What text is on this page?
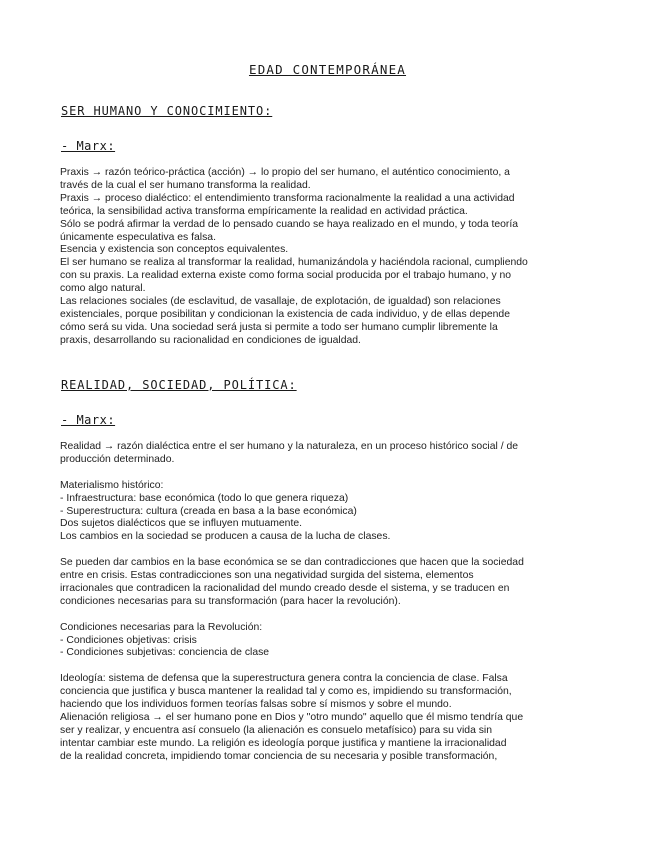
EDAD CONTEMPORÁNEA
SER HUMANO Y CONOCIMIENTO:
- Marx:

Praxis → razón teórico-práctica (acción) → lo propio del ser humano, el auténtico conocimiento, a

través de la cual el ser humano transforma la realidad.

Praxis → proceso dialéctico: el entendimiento transforma racionalmente la realidad a una actividad

teórica, la sensibilidad activa transforma empíricamente la realidad en actividad práctica.

Sólo se podrá afirmar la verdad de lo pensado cuando se haya realizado en el mundo, y toda teoría

únicamente especulativa es falsa.

Esencia y existencia son conceptos equivalentes.

El ser humano se realiza al transformar la realidad, humanizándola y haciéndola racional, cumpliendo

con su praxis. La realidad externa existe como forma social producida por el trabajo humano, y no

como algo natural.

Las relaciones sociales (de esclavitud, de vasallaje, de explotación, de igualdad) son relaciones

existenciales, porque posibilitan y condicionan la existencia de cada individuo, y de ellas depende

cómo será su vida. Una sociedad será justa si permite a todo ser humano cumplir libremente la

praxis, desarrollando su racionalidad en condiciones de igualdad.

REALIDAD, SOCIEDAD, POLÍTICA:
- Marx:

Realidad → razón dialéctica entre el ser humano y la naturaleza, en un proceso histórico social / de

producción determinado.

Materialismo histórico:

- Infraestructura: base económica (todo lo que genera riqueza)

- Superestructura: cultura (creada en basa a la base económica)

Dos sujetos dialécticos que se influyen mutuamente.

Los cambios en la sociedad se producen a causa de la lucha de clases.

Se pueden dar cambios en la base económica se se dan contradicciones que hacen que la sociedad

entre en crisis. Estas contradicciones son una negatividad surgida del sistema, elementos

irracionales que contradicen la racionalidad del mundo creado desde el sistema, y se traducen en

condiciones necesarias para su transformación (para hacer la revolución).

Condiciones necesarias para la Revolución:

- Condiciones objetivas: crisis

- Condiciones subjetivas: conciencia de clase

Ideología: sistema de defensa que la superestructura genera contra la conciencia de clase. Falsa

conciencia que justifica y busca mantener la realidad tal y como es, impidiendo su transformación,

haciendo que los individuos formen teorías falsas sobre sí mismos y sobre el mundo.

Alienación religiosa → el ser humano pone en Dios y "otro mundo" aquello que él mismo tendría que

ser y realizar, y encuentra así consuelo (la alienación es consuelo metafísico) para su vida sin

intentar cambiar este mundo. La religión es ideología porque justifica y mantiene la irracionalidad

de la realidad concreta, impidiendo tomar conciencia de su necesaria y posible transformación,
